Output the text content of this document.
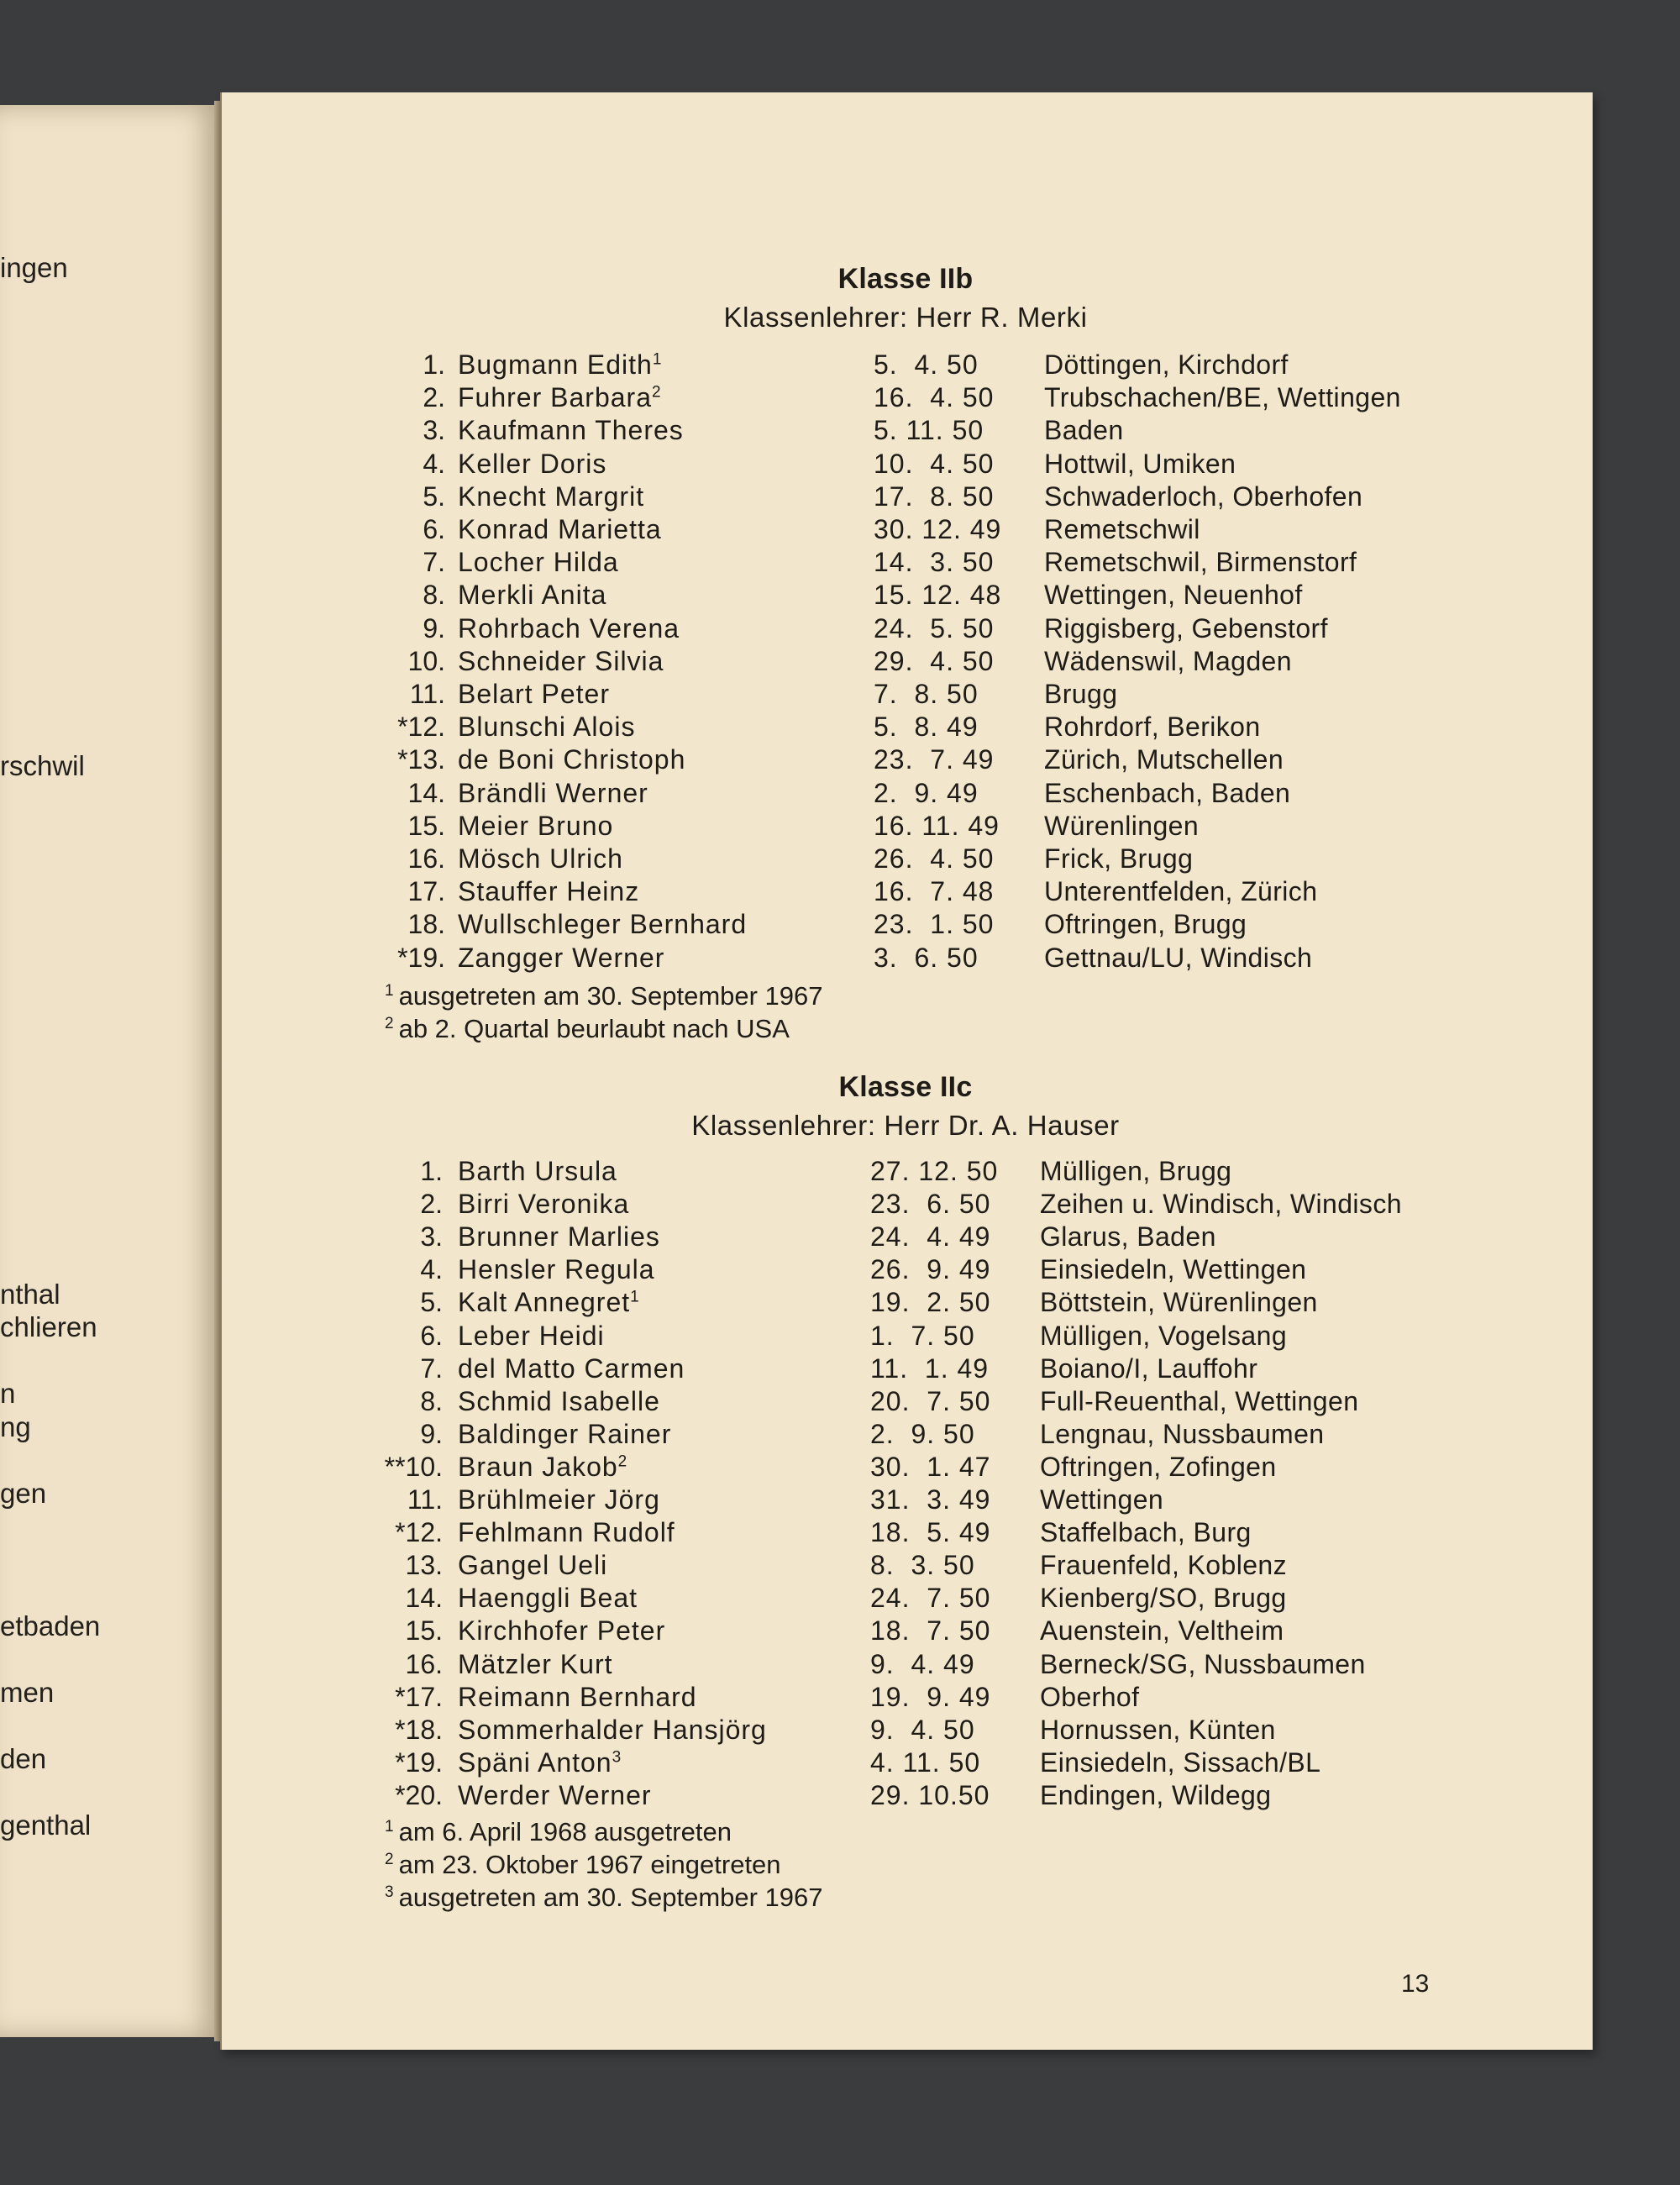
ingen
rschwil
nthal
chlieren
n
ng
gen
etbaden
men
den
genthal
Klasse IIb
Klassenlehrer: Herr R. Merki
1. Bugmann Edith$^1$	5.  4. 50 Döttingen, Kirchdorf
2. Fuhrer Barbara$^2$	16.  4. 50 Trubschachen/BE, Wettingen
3. Kaufmann Theres	5. 11. 50 Baden
4. Keller Doris	10.  4. 50 Hottwil, Umiken
5. Knecht Margrit	17.  8. 50 Schwaderloch, Oberhofen
6. Konrad Marietta	30. 12. 49 Remetschwil
7. Locher Hilda	14.  3. 50 Remetschwil, Birmenstorf
8. Merkli Anita	15. 12. 48 Wettingen, Neuenhof
9. Rohrbach Verena	24.  5. 50 Riggisberg, Gebenstorf
10. Schneider Silvia	29.  4. 50 Wädenswil, Magden
11. Belart Peter	7.  8. 50 Brugg
*12. Blunschi Alois	5.  8. 49 Rohrdorf, Berikon
*13. de Boni Christoph	23.  7. 49 Zürich, Mutschellen
14. Brändli Werner	2.  9. 49 Eschenbach, Baden
15. Meier Bruno	16. 11. 49 Würenlingen
16. Mösch Ulrich	26.  4. 50 Frick, Brugg
17. Stauffer Heinz	16.  7. 48 Unterentfelden, Zürich
18. Wullschleger Bernhard	23.  1. 50 Oftringen, Brugg
*19. Zangger Werner	3.  6. 50 Gettnau/LU, Windisch
$^1$ ausgetreten am 30. September 1967
$^2$ ab 2. Quartal beurlaubt nach USA
Klasse IIc
Klassenlehrer: Herr Dr. A. Hauser
1. Barth Ursula	27. 12. 50 Mülligen, Brugg
2. Birri Veronika	23.  6. 50 Zeihen u. Windisch, Windisch
3. Brunner Marlies	24.  4. 49 Glarus, Baden
4. Hensler Regula	26.  9. 49 Einsiedeln, Wettingen
5. Kalt Annegret$^1$	19.  2. 50 Böttstein, Würenlingen
6. Leber Heidi	1.  7. 50 Mülligen, Vogelsang
7. del Matto Carmen	11.  1. 49 Boiano/I, Lauffohr
8. Schmid Isabelle	20.  7. 50 Full-Reuenthal, Wettingen
9. Baldinger Rainer	2.  9. 50 Lengnau, Nussbaumen
**10. Braun Jakob$^2$	30.  1. 47 Oftringen, Zofingen
11. Brühlmeier Jörg	31.  3. 49 Wettingen
*12. Fehlmann Rudolf	18.  5. 49 Staffelbach, Burg
13. Gangel Ueli	8.  3. 50 Frauenfeld, Koblenz
14. Haenggli Beat	24.  7. 50 Kienberg/SO, Brugg
15. Kirchhofer Peter	18.  7. 50 Auenstein, Veltheim
16. Mätzler Kurt	9.  4. 49 Berneck/SG, Nussbaumen
*17. Reimann Bernhard	19.  9. 49 Oberhof
*18. Sommerhalder Hansjörg	9.  4. 50 Hornussen, Künten
*19. Späni Anton$^3$	4. 11. 50 Einsiedeln, Sissach/BL
*20. Werder Werner	29. 10.50 Endingen, Wildegg
$^1$ am 6. April 1968 ausgetreten
$^2$ am 23. Oktober 1967 eingetreten
$^3$ ausgetreten am 30. September 1967
13
